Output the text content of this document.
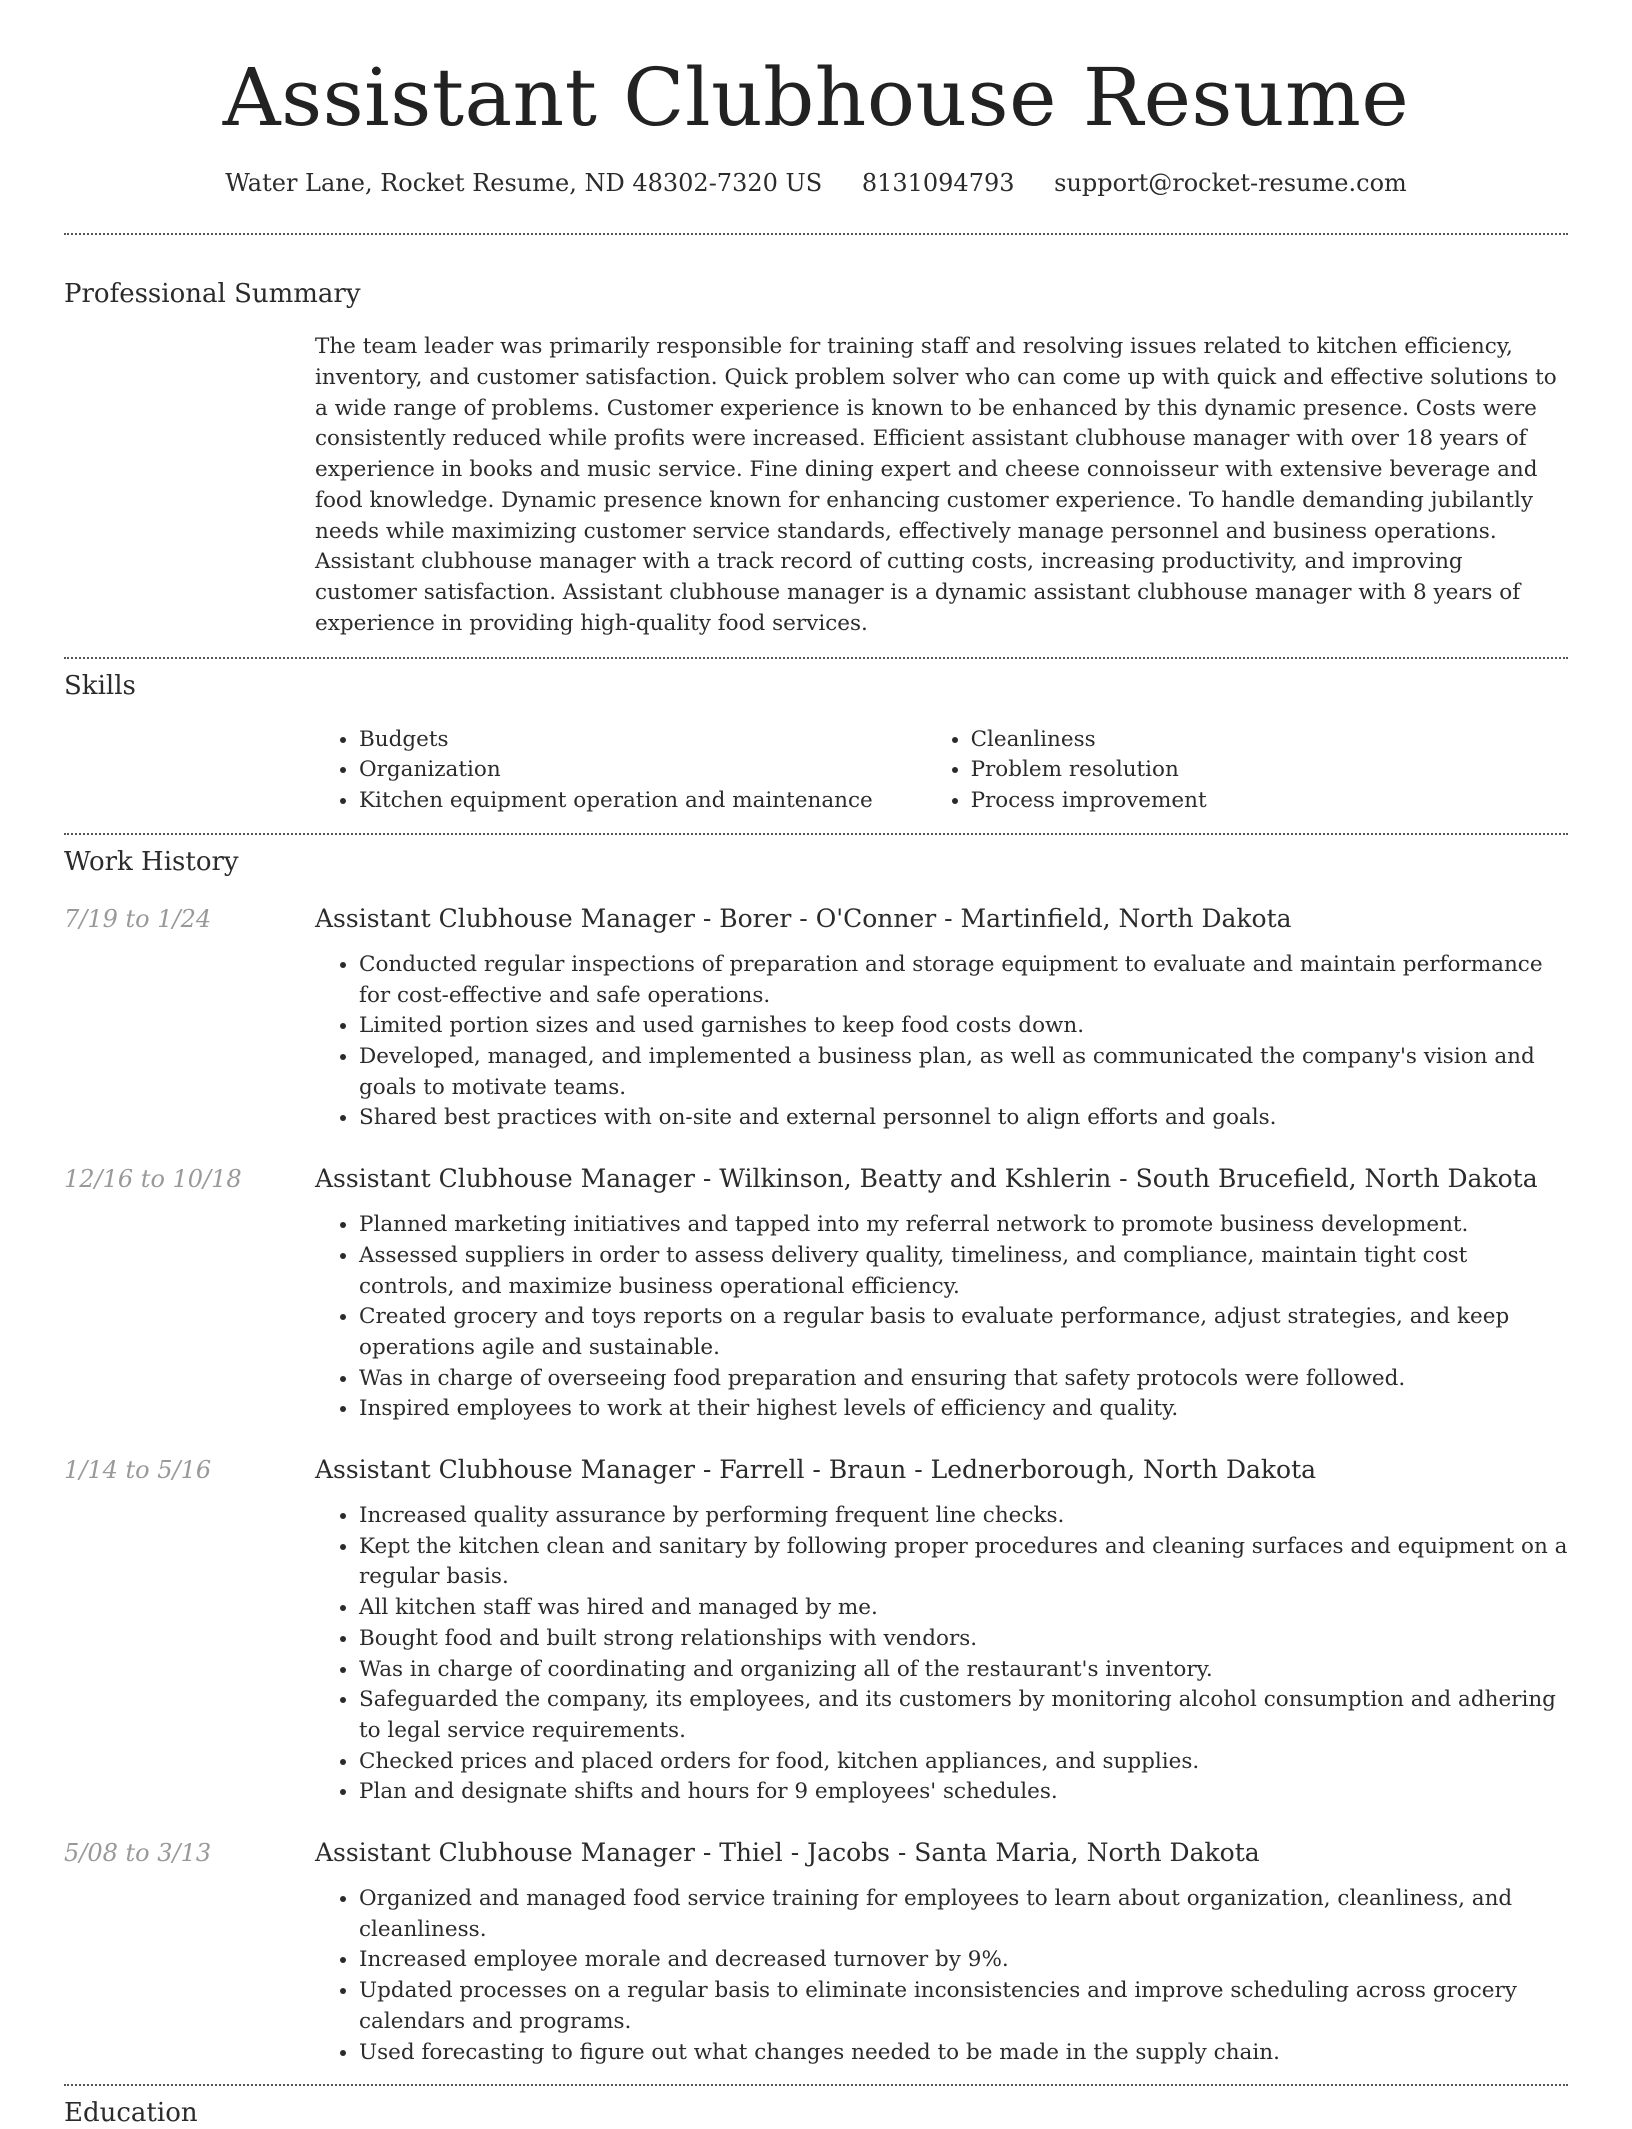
Assistant Clubhouse Resume
Water Lane, Rocket Resume, ND 48302-7320 US 8131094793 support@rocket-resume.com
Professional Summary
The team leader was primarily responsible for training staff and resolving issues related to kitchen efficiency, inventory, and customer satisfaction. Quick problem solver who can come up with quick and effective solutions to a wide range of problems. Customer experience is known to be enhanced by this dynamic presence. Costs were consistently reduced while profits were increased. Efficient assistant clubhouse manager with over 18 years of experience in books and music service. Fine dining expert and cheese connoisseur with extensive beverage and food knowledge. Dynamic presence known for enhancing customer experience. To handle demanding jubilantly needs while maximizing customer service standards, effectively manage personnel and business operations. Assistant clubhouse manager with a track record of cutting costs, increasing productivity, and improving customer satisfaction. Assistant clubhouse manager is a dynamic assistant clubhouse manager with 8 years of experience in providing high-quality food services.
Skills
• Budgets
• Organization
• Kitchen equipment operation and maintenance
• Cleanliness
• Problem resolution
• Process improvement
Work History
7/19 to 1/24	Assistant Clubhouse Manager - Borer - O'Conner - Martinfield, North Dakota
• Conducted regular inspections of preparation and storage equipment to evaluate and maintain performance for cost-effective and safe operations.
• Limited portion sizes and used garnishes to keep food costs down.
• Developed, managed, and implemented a business plan, as well as communicated the company's vision and goals to motivate teams.
• Shared best practices with on-site and external personnel to align efforts and goals.
12/16 to 10/18	Assistant Clubhouse Manager - Wilkinson, Beatty and Kshlerin - South Brucefield, North Dakota
• Planned marketing initiatives and tapped into my referral network to promote business development.
• Assessed suppliers in order to assess delivery quality, timeliness, and compliance, maintain tight cost controls, and maximize business operational efficiency.
• Created grocery and toys reports on a regular basis to evaluate performance, adjust strategies, and keep operations agile and sustainable.
• Was in charge of overseeing food preparation and ensuring that safety protocols were followed.
• Inspired employees to work at their highest levels of efficiency and quality.
1/14 to 5/16	Assistant Clubhouse Manager - Farrell - Braun - Lednerborough, North Dakota
• Increased quality assurance by performing frequent line checks.
• Kept the kitchen clean and sanitary by following proper procedures and cleaning surfaces and equipment on a regular basis.
• All kitchen staff was hired and managed by me.
• Bought food and built strong relationships with vendors.
• Was in charge of coordinating and organizing all of the restaurant's inventory.
• Safeguarded the company, its employees, and its customers by monitoring alcohol consumption and adhering to legal service requirements.
• Checked prices and placed orders for food, kitchen appliances, and supplies.
• Plan and designate shifts and hours for 9 employees' schedules.
5/08 to 3/13	Assistant Clubhouse Manager - Thiel - Jacobs - Santa Maria, North Dakota
• Organized and managed food service training for employees to learn about organization, cleanliness, and cleanliness.
• Increased employee morale and decreased turnover by 9%.
• Updated processes on a regular basis to eliminate inconsistencies and improve scheduling across grocery calendars and programs.
• Used forecasting to figure out what changes needed to be made in the supply chain.
Education
